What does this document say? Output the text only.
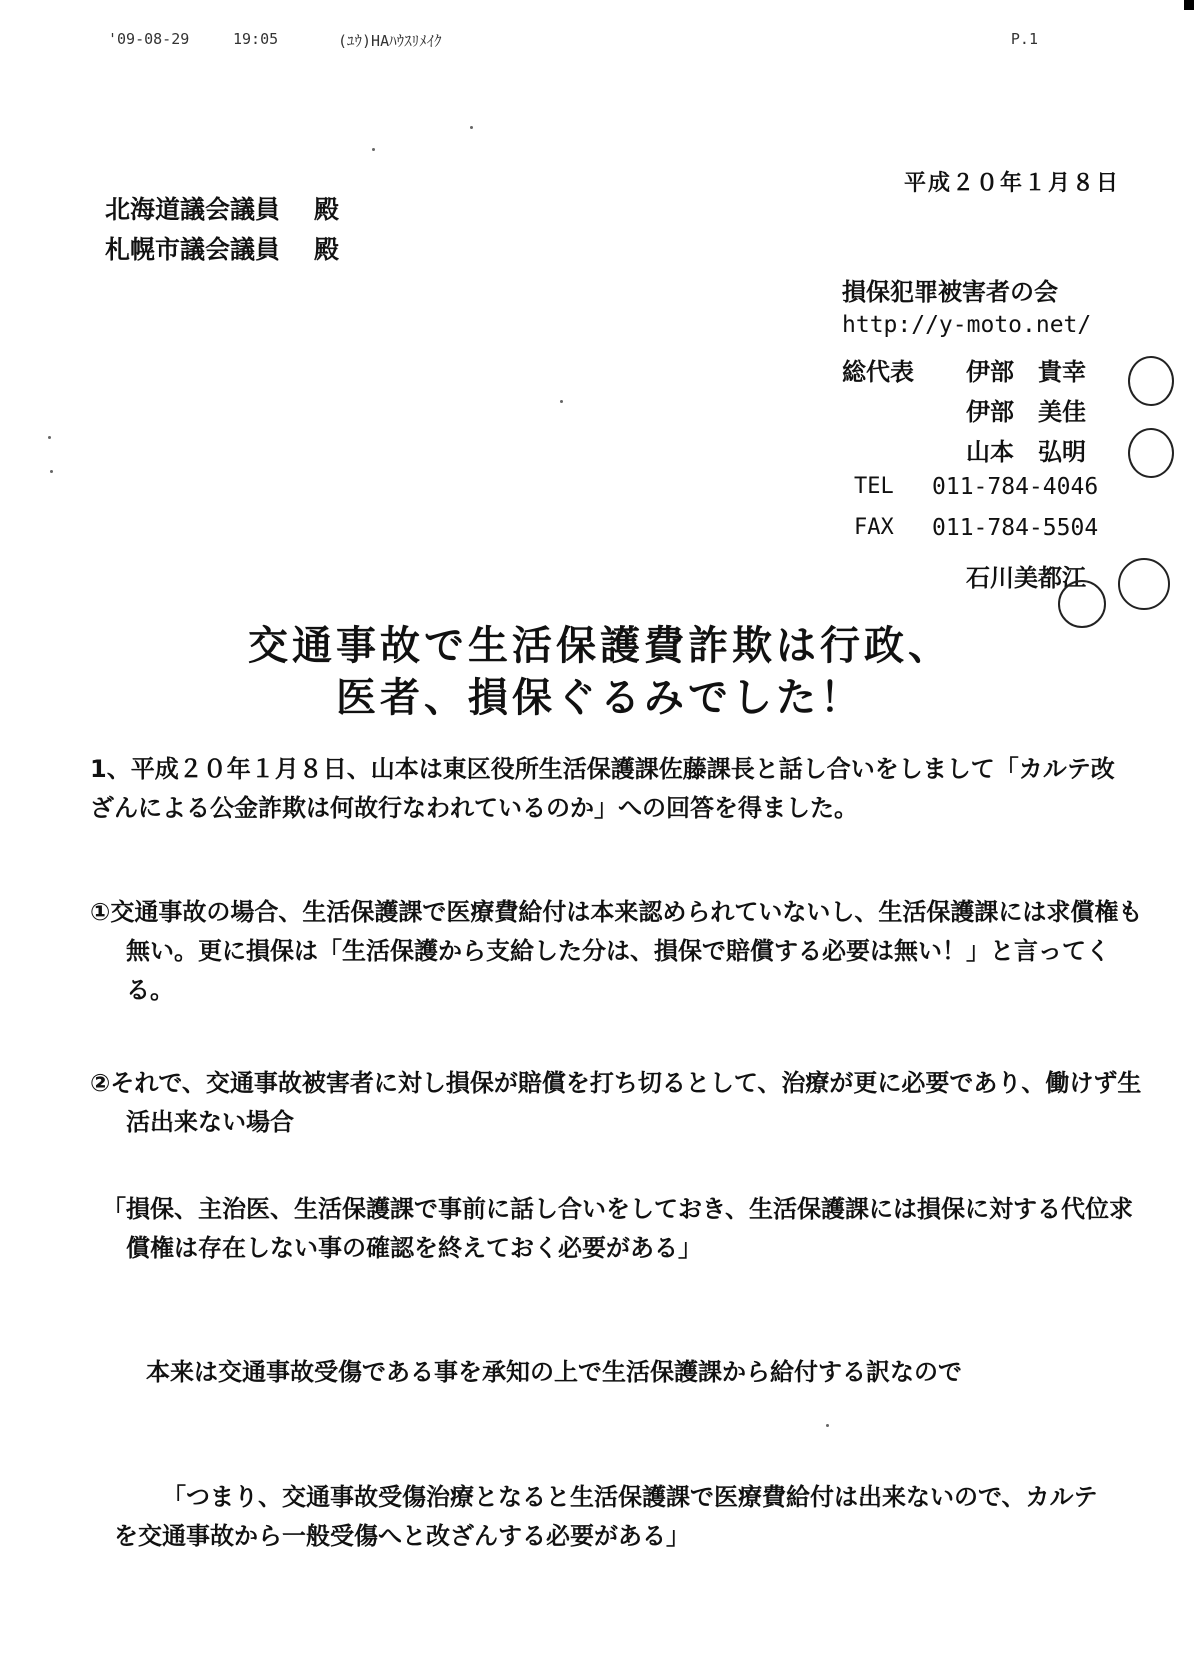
'09-08-29	19:05	(ﾕｳ)HAﾊｳｽﾘﾒｲｸ	P.1
平成２０年１月８日
北海道議会議員 殿
札幌市議会議員 殿
損保犯罪被害者の会
http://y-moto.net/
総代表 伊部　貴幸
伊部　美佳
山本　弘明
TEL 011-784-4046
FAX 011-784-5504
石川美都江
交通事故で生活保護費詐欺は行政、
医者、損保ぐるみでした！
1、平成２０年１月８日、山本は東区役所生活保護課佐藤課長と話し合いをしまして「カルテ改ざんによる公金詐欺は何故行なわれているのか」への回答を得ました。
①交通事故の場合、生活保護課で医療費給付は本来認められていないし、生活保護課には求償権も無い。更に損保は「生活保護から支給した分は、損保で賠償する必要は無い！」と言ってくる。
②それで、交通事故被害者に対し損保が賠償を打ち切るとして、治療が更に必要であり、働けず生活出来ない場合
「損保、主治医、生活保護課で事前に話し合いをしておき、生活保護課には損保に対する代位求償権は存在しない事の確認を終えておく必要がある」
本来は交通事故受傷である事を承知の上で生活保護課から給付する訳なので
「つまり、交通事故受傷治療となると生活保護課で医療費給付は出来ないので、カルテを交通事故から一般受傷へと改ざんする必要がある」
